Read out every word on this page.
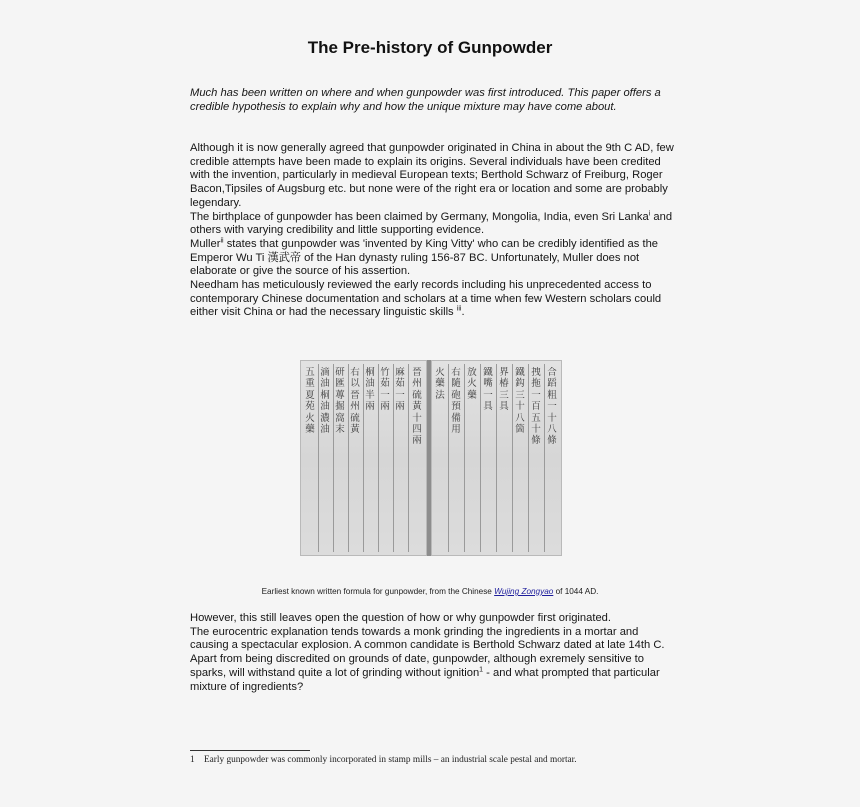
The Pre-history of Gunpowder

Much has been written on where and when gunpowder was first introduced. This paper offers a credible hypothesis to explain why and how the unique mixture may have come about.

Although it is now generally agreed that gunpowder originated in China in about the 9th C AD, few credible attempts have been made to explain its origins. Several individuals have been credited with the invention, particularly in medieval European texts; Berthold Schwarz of Freiburg, Roger Bacon,Tipsiles of Augsburg etc. but none were of the right era or location and some are probably legendary.

The birthplace of gunpowder has been claimed by Germany, Mongolia, India, even Sri Lanka$^i$ and others with varying credibility and little supporting evidence.

Muller$^{ii}$ states that gunpowder was 'invented by King Vitty' who can be credibly identified as the Emperor Wu Ti 漢武帝 of the Han dynasty ruling 156-87 BC. Unfortunately, Muller does not elaborate or give the source of his assertion.

Needham has meticulously reviewed the early records including his unprecedented access to contemporary Chinese documentation and scholars at a time when few Western scholars could either visit China or had the necessary linguistic skills $^{iii}$.

五重夏苑火藥
滴油桐油濃油
研匯蓴掘窩末
右以晉州硫黃
桐油半兩
竹茹一兩
麻茹一兩
晉州硫黃十四兩
火藥法
右隨砲預備用
放火藥
鐵嘴一具
界椿三具
鐵鈎三十八箇
拽拖一百五十條
合蹈粗一十八條
Earliest known written formula for gunpowder, from the Chinese Wujing Zongyao of 1044 AD.

However, this still leaves open the question of how or why gunpowder first originated.

The eurocentric explanation tends towards a monk grinding the ingredients in a mortar and causing a spectacular explosion. A common candidate is Berthold Schwarz dated at late 14th C.

Apart from being discredited on grounds of date, gunpowder, although exremely sensitive to sparks, will withstand quite a lot of grinding without ignition$^1$ - and what prompted that particular mixture of ingredients?

1 Early gunpowder was commonly incorporated in stamp mills – an industrial scale pestal and mortar.
